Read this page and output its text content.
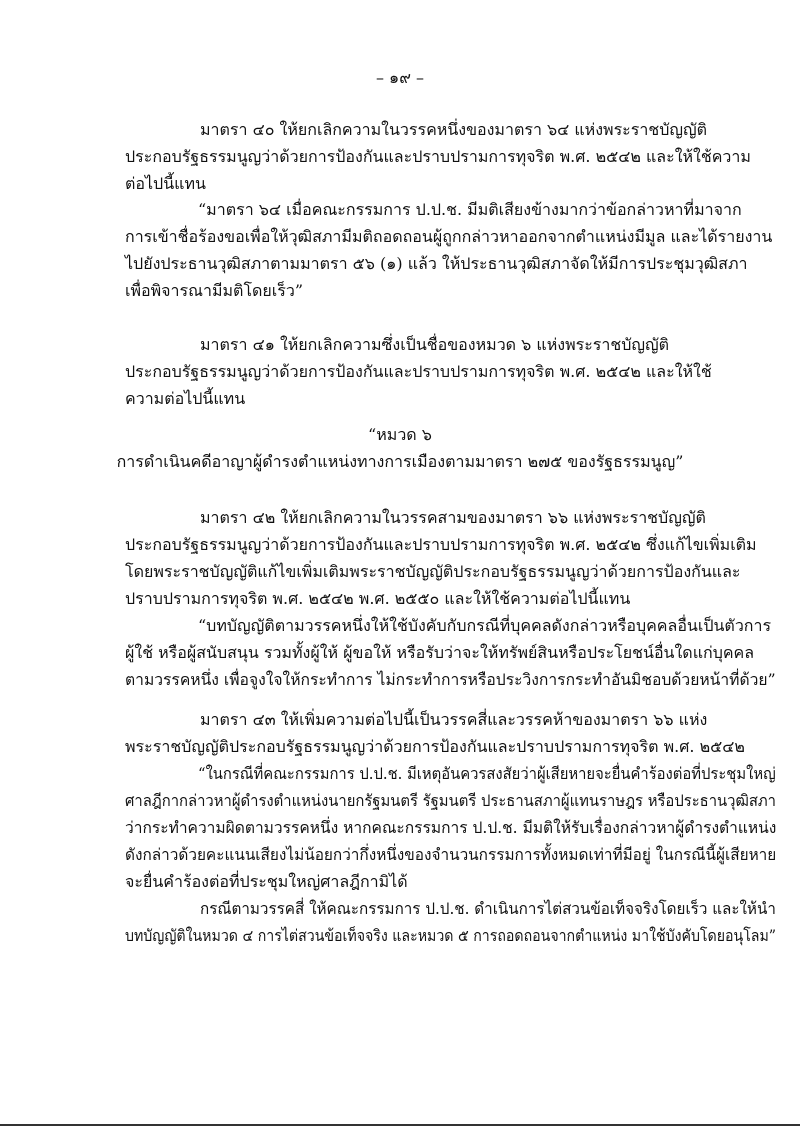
– ๑๙ –
มาตรา ๔๐ ให้ยกเลิกความในวรรคหนึ่งของมาตรา ๖๔ แห่งพระราชบัญญัติ
ประกอบรัฐธรรมนูญว่าด้วยการป้องกันและปราบปรามการทุจริต พ.ศ. ๒๕๔๒ และให้ใช้ความ
ต่อไปนี้แทน
“มาตรา ๖๔ เมื่อคณะกรรมการ ป.ป.ช. มีมติเสียงข้างมากว่าข้อกล่าวหาที่มาจาก
การเข้าชื่อร้องขอเพื่อให้วุฒิสภามีมติถอดถอนผู้ถูกกล่าวหาออกจากตำแหน่งมีมูล และได้รายงาน
ไปยังประธานวุฒิสภาตามมาตรา ๕๖ (๑) แล้ว ให้ประธานวุฒิสภาจัดให้มีการประชุมวุฒิสภา
เพื่อพิจารณามีมติโดยเร็ว”
มาตรา ๔๑ ให้ยกเลิกความซึ่งเป็นชื่อของหมวด ๖ แห่งพระราชบัญญัติ
ประกอบรัฐธรรมนูญว่าด้วยการป้องกันและปราบปรามการทุจริต พ.ศ. ๒๕๔๒ และให้ใช้
ความต่อไปนี้แทน
“หมวด ๖
การดำเนินคดีอาญาผู้ดำรงตำแหน่งทางการเมืองตามมาตรา ๒๗๕ ของรัฐธรรมนูญ”
มาตรา ๔๒ ให้ยกเลิกความในวรรคสามของมาตรา ๖๖ แห่งพระราชบัญญัติ
ประกอบรัฐธรรมนูญว่าด้วยการป้องกันและปราบปรามการทุจริต พ.ศ. ๒๕๔๒ ซึ่งแก้ไขเพิ่มเติม
โดยพระราชบัญญัติแก้ไขเพิ่มเติมพระราชบัญญัติประกอบรัฐธรรมนูญว่าด้วยการป้องกันและ
ปราบปรามการทุจริต พ.ศ. ๒๕๔๒ พ.ศ. ๒๕๕๐ และให้ใช้ความต่อไปนี้แทน
“บทบัญญัติตามวรรคหนึ่งให้ใช้บังคับกับกรณีที่บุคคลดังกล่าวหรือบุคคลอื่นเป็นตัวการ
ผู้ใช้ หรือผู้สนับสนุน รวมทั้งผู้ให้ ผู้ขอให้ หรือรับว่าจะให้ทรัพย์สินหรือประโยชน์อื่นใดแก่บุคคล
ตามวรรคหนึ่ง เพื่อจูงใจให้กระทำการ ไม่กระทำการหรือประวิงการกระทำอันมิชอบด้วยหน้าที่ด้วย”
มาตรา ๔๓ ให้เพิ่มความต่อไปนี้เป็นวรรคสี่และวรรคห้าของมาตรา ๖๖ แห่ง
พระราชบัญญัติประกอบรัฐธรรมนูญว่าด้วยการป้องกันและปราบปรามการทุจริต พ.ศ. ๒๕๔๒
“ในกรณีที่คณะกรรมการ ป.ป.ช. มีเหตุอันควรสงสัยว่าผู้เสียหายจะยื่นคำร้องต่อที่ประชุมใหญ่
ศาลฎีกากล่าวหาผู้ดำรงตำแหน่งนายกรัฐมนตรี รัฐมนตรี ประธานสภาผู้แทนราษฎร หรือประธานวุฒิสภา
ว่ากระทำความผิดตามวรรคหนึ่ง หากคณะกรรมการ ป.ป.ช. มีมติให้รับเรื่องกล่าวหาผู้ดำรงตำแหน่ง
ดังกล่าวด้วยคะแนนเสียงไม่น้อยกว่ากึ่งหนึ่งของจำนวนกรรมการทั้งหมดเท่าที่มีอยู่ ในกรณีนี้ผู้เสียหาย
จะยื่นคำร้องต่อที่ประชุมใหญ่ศาลฎีกามิได้
กรณีตามวรรคสี่ ให้คณะกรรมการ ป.ป.ช. ดำเนินการไต่สวนข้อเท็จจริงโดยเร็ว และให้นำ
บทบัญญัติในหมวด ๔ การไต่สวนข้อเท็จจริง และหมวด ๕ การถอดถอนจากตำแหน่ง มาใช้บังคับโดยอนุโลม”
